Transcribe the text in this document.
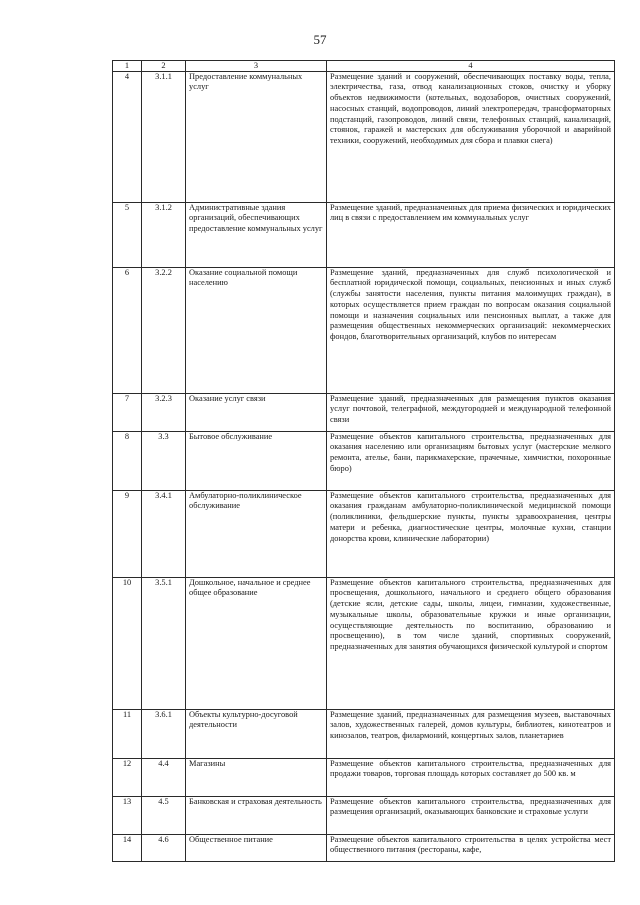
57
1	2	3	4
4	3.1.1	Предоставление коммунальных услуг	Размещение зданий и сооружений, обеспечивающих поставку воды, тепла, электричества, газа, отвод канализационных стоков, очистку и уборку объектов недвижимости (котельных, водозаборов, очистных сооружений, насосных станций, водопроводов, линий электропередач, трансформаторных подстанций, газопроводов, линий связи, телефонных станций, канализаций, стоянок, гаражей и мастерских для обслуживания уборочной и аварийной техники, сооружений, необходимых для сбора и плавки снега)
5	3.1.2	Административные здания организаций, обеспечивающих предоставление коммунальных услуг	Размещение зданий, предназначенных для приема физических и юридических лиц в связи с предоставлением им коммунальных услуг
6	3.2.2	Оказание социальной помощи населению	Размещение зданий, предназначенных для служб психологической и бесплатной юридической помощи, социальных, пенсионных и иных служб (службы занятости населения, пункты питания малоимущих граждан), в которых осуществляется прием граждан по вопросам оказания социальной помощи и назначения социальных или пенсионных выплат, а также для размещения общественных некоммерческих организаций: некоммерческих фондов, благотворительных организаций, клубов по интересам
7	3.2.3	Оказание услуг связи	Размещение зданий, предназначенных для размещения пунктов оказания услуг почтовой, телеграфной, междугородней и международной телефонной связи
8	3.3	Бытовое обслуживание	Размещение объектов капитального строительства, предназначенных для оказания населению или организациям бытовых услуг (мастерские мелкого ремонта, ателье, бани, парикмахерские, прачечные, химчистки, похоронные бюро)
9	3.4.1	Амбулаторно-поликлиническое обслуживание	Размещение объектов капитального строительства, предназначенных для оказания гражданам амбулаторно-поликлинической медицинской помощи (поликлиники, фельдшерские пункты, пункты здравоохранения, центры матери и ребенка, диагностические центры, молочные кухни, станции донорства крови, клинические лаборатории)
10	3.5.1	Дошкольное, начальное и среднее общее образование	Размещение объектов капитального строительства, предназначенных для просвещения, дошкольного, начального и среднего общего образования (детские ясли, детские сады, школы, лицеи, гимназии, художественные, музыкальные школы, образовательные кружки и иные организации, осуществляющие деятельность по воспитанию, образованию и просвещению), в том числе зданий, спортивных сооружений, предназначенных для занятия обучающихся физической культурой и спортом
11	3.6.1	Объекты культурно-досуговой деятельности	Размещение зданий, предназначенных для размещения музеев, выставочных залов, художественных галерей, домов культуры, библиотек, кинотеатров и кинозалов, театров, филармоний, концертных залов, планетариев
12	4.4	Магазины	Размещение объектов капитального строительства, предназначенных для продажи товаров, торговая площадь которых составляет до 500 кв. м
13	4.5	Банковская и страховая деятельность	Размещение объектов капитального строительства, предназначенных для размещения организаций, оказывающих банковские и страховые услуги
14	4.6	Общественное питание	Размещение объектов капитального строительства в целях устройства мест общественного питания (рестораны, кафе,
